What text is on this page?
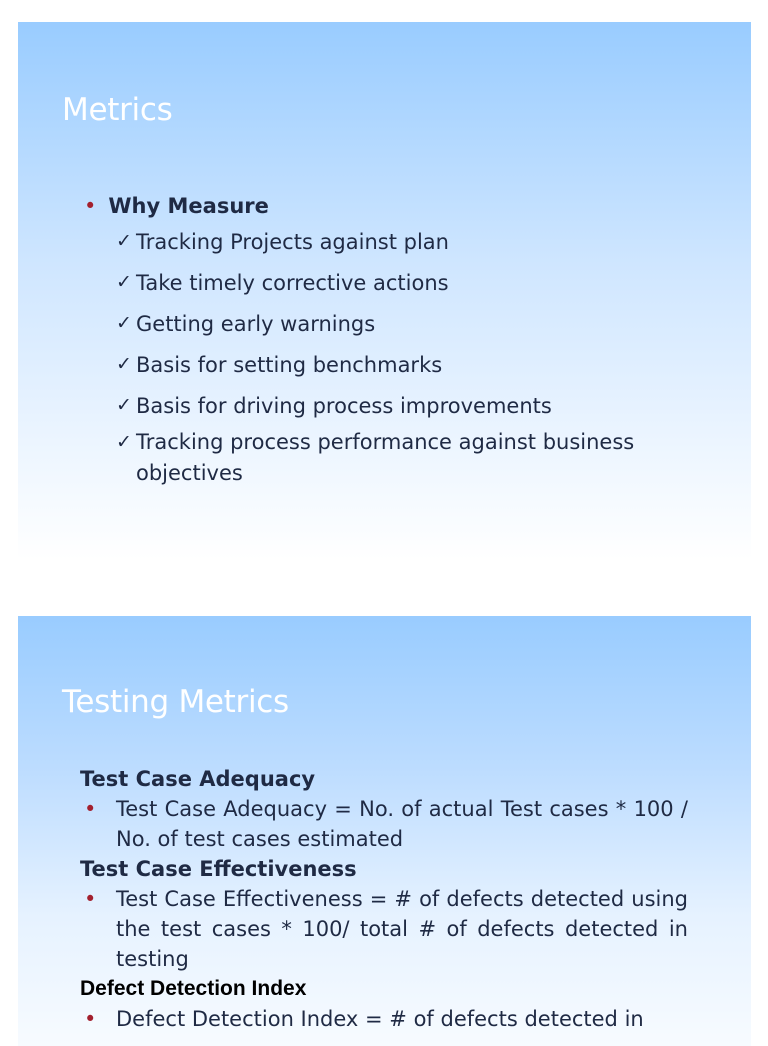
Metrics
• Why Measure
✓ Tracking Projects against plan
✓ Take timely corrective actions
✓ Getting early warnings
✓ Basis for setting benchmarks
✓ Basis for driving process improvements
✓ Tracking process performance against business objectives
Testing Metrics
Test Case Adequacy
• Test Case Adequacy = No. of actual Test cases * 100 / No. of test cases estimated
Test Case Effectiveness
• Test Case Effectiveness = # of defects detected using the test cases * 100/ total # of defects detected in testing
Defect Detection Index
• Defect Detection Index = # of defects detected in
